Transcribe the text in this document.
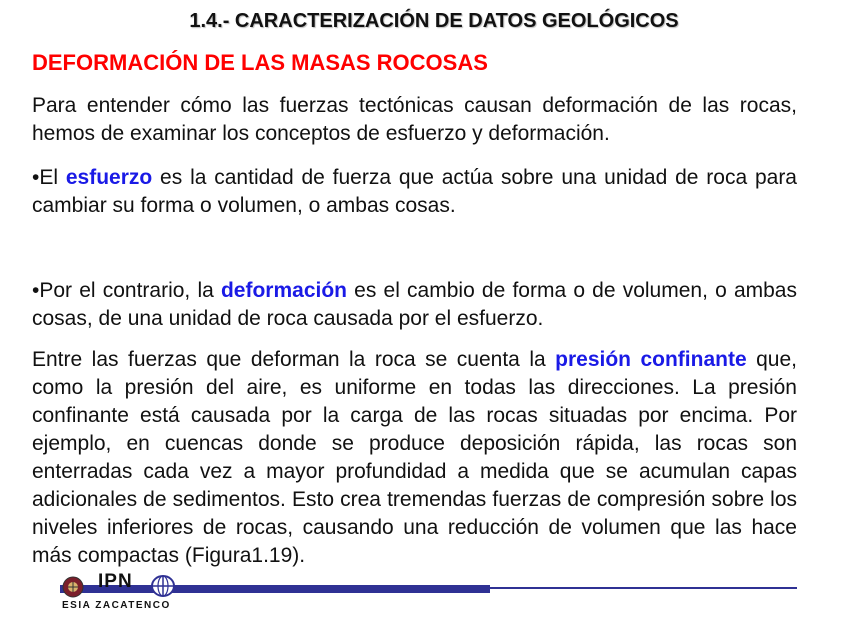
1.4.- CARACTERIZACIÓN DE DATOS GEOLÓGICOS
DEFORMACIÓN DE LAS MASAS ROCOSAS

Para entender cómo las fuerzas tectónicas causan deformación de las rocas, hemos de examinar los conceptos de esfuerzo y deformación.

•El esfuerzo es la cantidad de fuerza que actúa sobre una unidad de roca para cambiar su forma o volumen, o ambas cosas.

•Por el contrario, la deformación es el cambio de forma o de volumen, o ambas cosas, de una unidad de roca causada por el esfuerzo.

Entre las fuerzas que deforman la roca se cuenta la presión confinante que, como la presión del aire, es uniforme en todas las direcciones. La presión confinante está causada por la carga de las rocas situadas por encima. Por ejemplo, en cuencas donde se produce deposición rápida, las rocas son enterradas cada vez a mayor profundidad a medida que se acumulan capas adicionales de sedimentos. Esto crea tremendas fuerzas de compresión sobre los niveles inferiores de rocas, causando una reducción de volumen que las hace más compactas (Figura1.19).

IPN
ESIA ZACATENCO
